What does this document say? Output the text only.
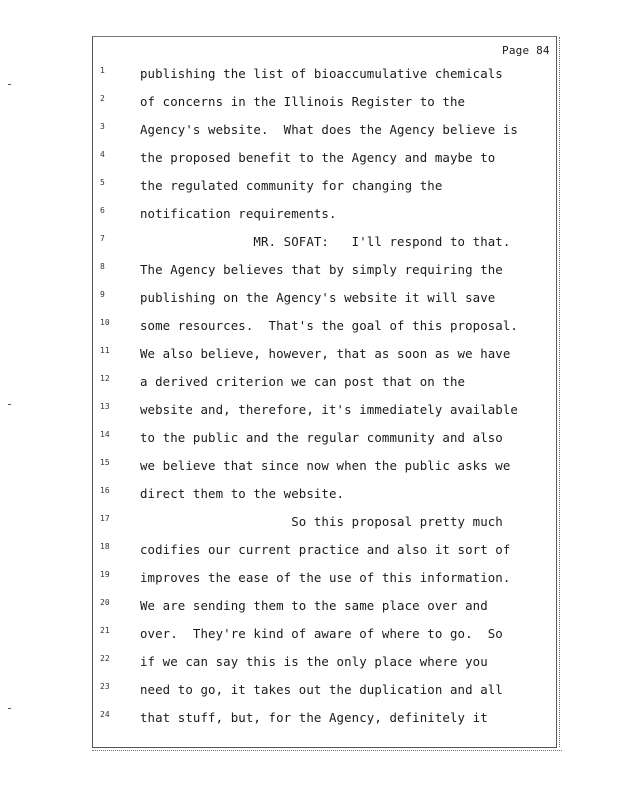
Page 84
1	publishing the list of bioaccumulative chemicals
2	of concerns in the Illinois Register to the
3	Agency's website.  What does the Agency believe is
4	the proposed benefit to the Agency and maybe to
5	the regulated community for changing the
6	notification requirements.
7	MR. SOFAT:   I'll respond to that.
8	The Agency believes that by simply requiring the
9	publishing on the Agency's website it will save
10	some resources.  That's the goal of this proposal.
11	We also believe, however, that as soon as we have
12	a derived criterion we can post that on the
13	website and, therefore, it's immediately available
14	to the public and the regular community and also
15	we believe that since now when the public asks we
16	direct them to the website.
17	So this proposal pretty much
18	codifies our current practice and also it sort of
19	improves the ease of the use of this information.
20	We are sending them to the same place over and
21	over.  They're kind of aware of where to go.  So
22	if we can say this is the only place where you
23	need to go, it takes out the duplication and all
24	that stuff, but, for the Agency, definitely it
